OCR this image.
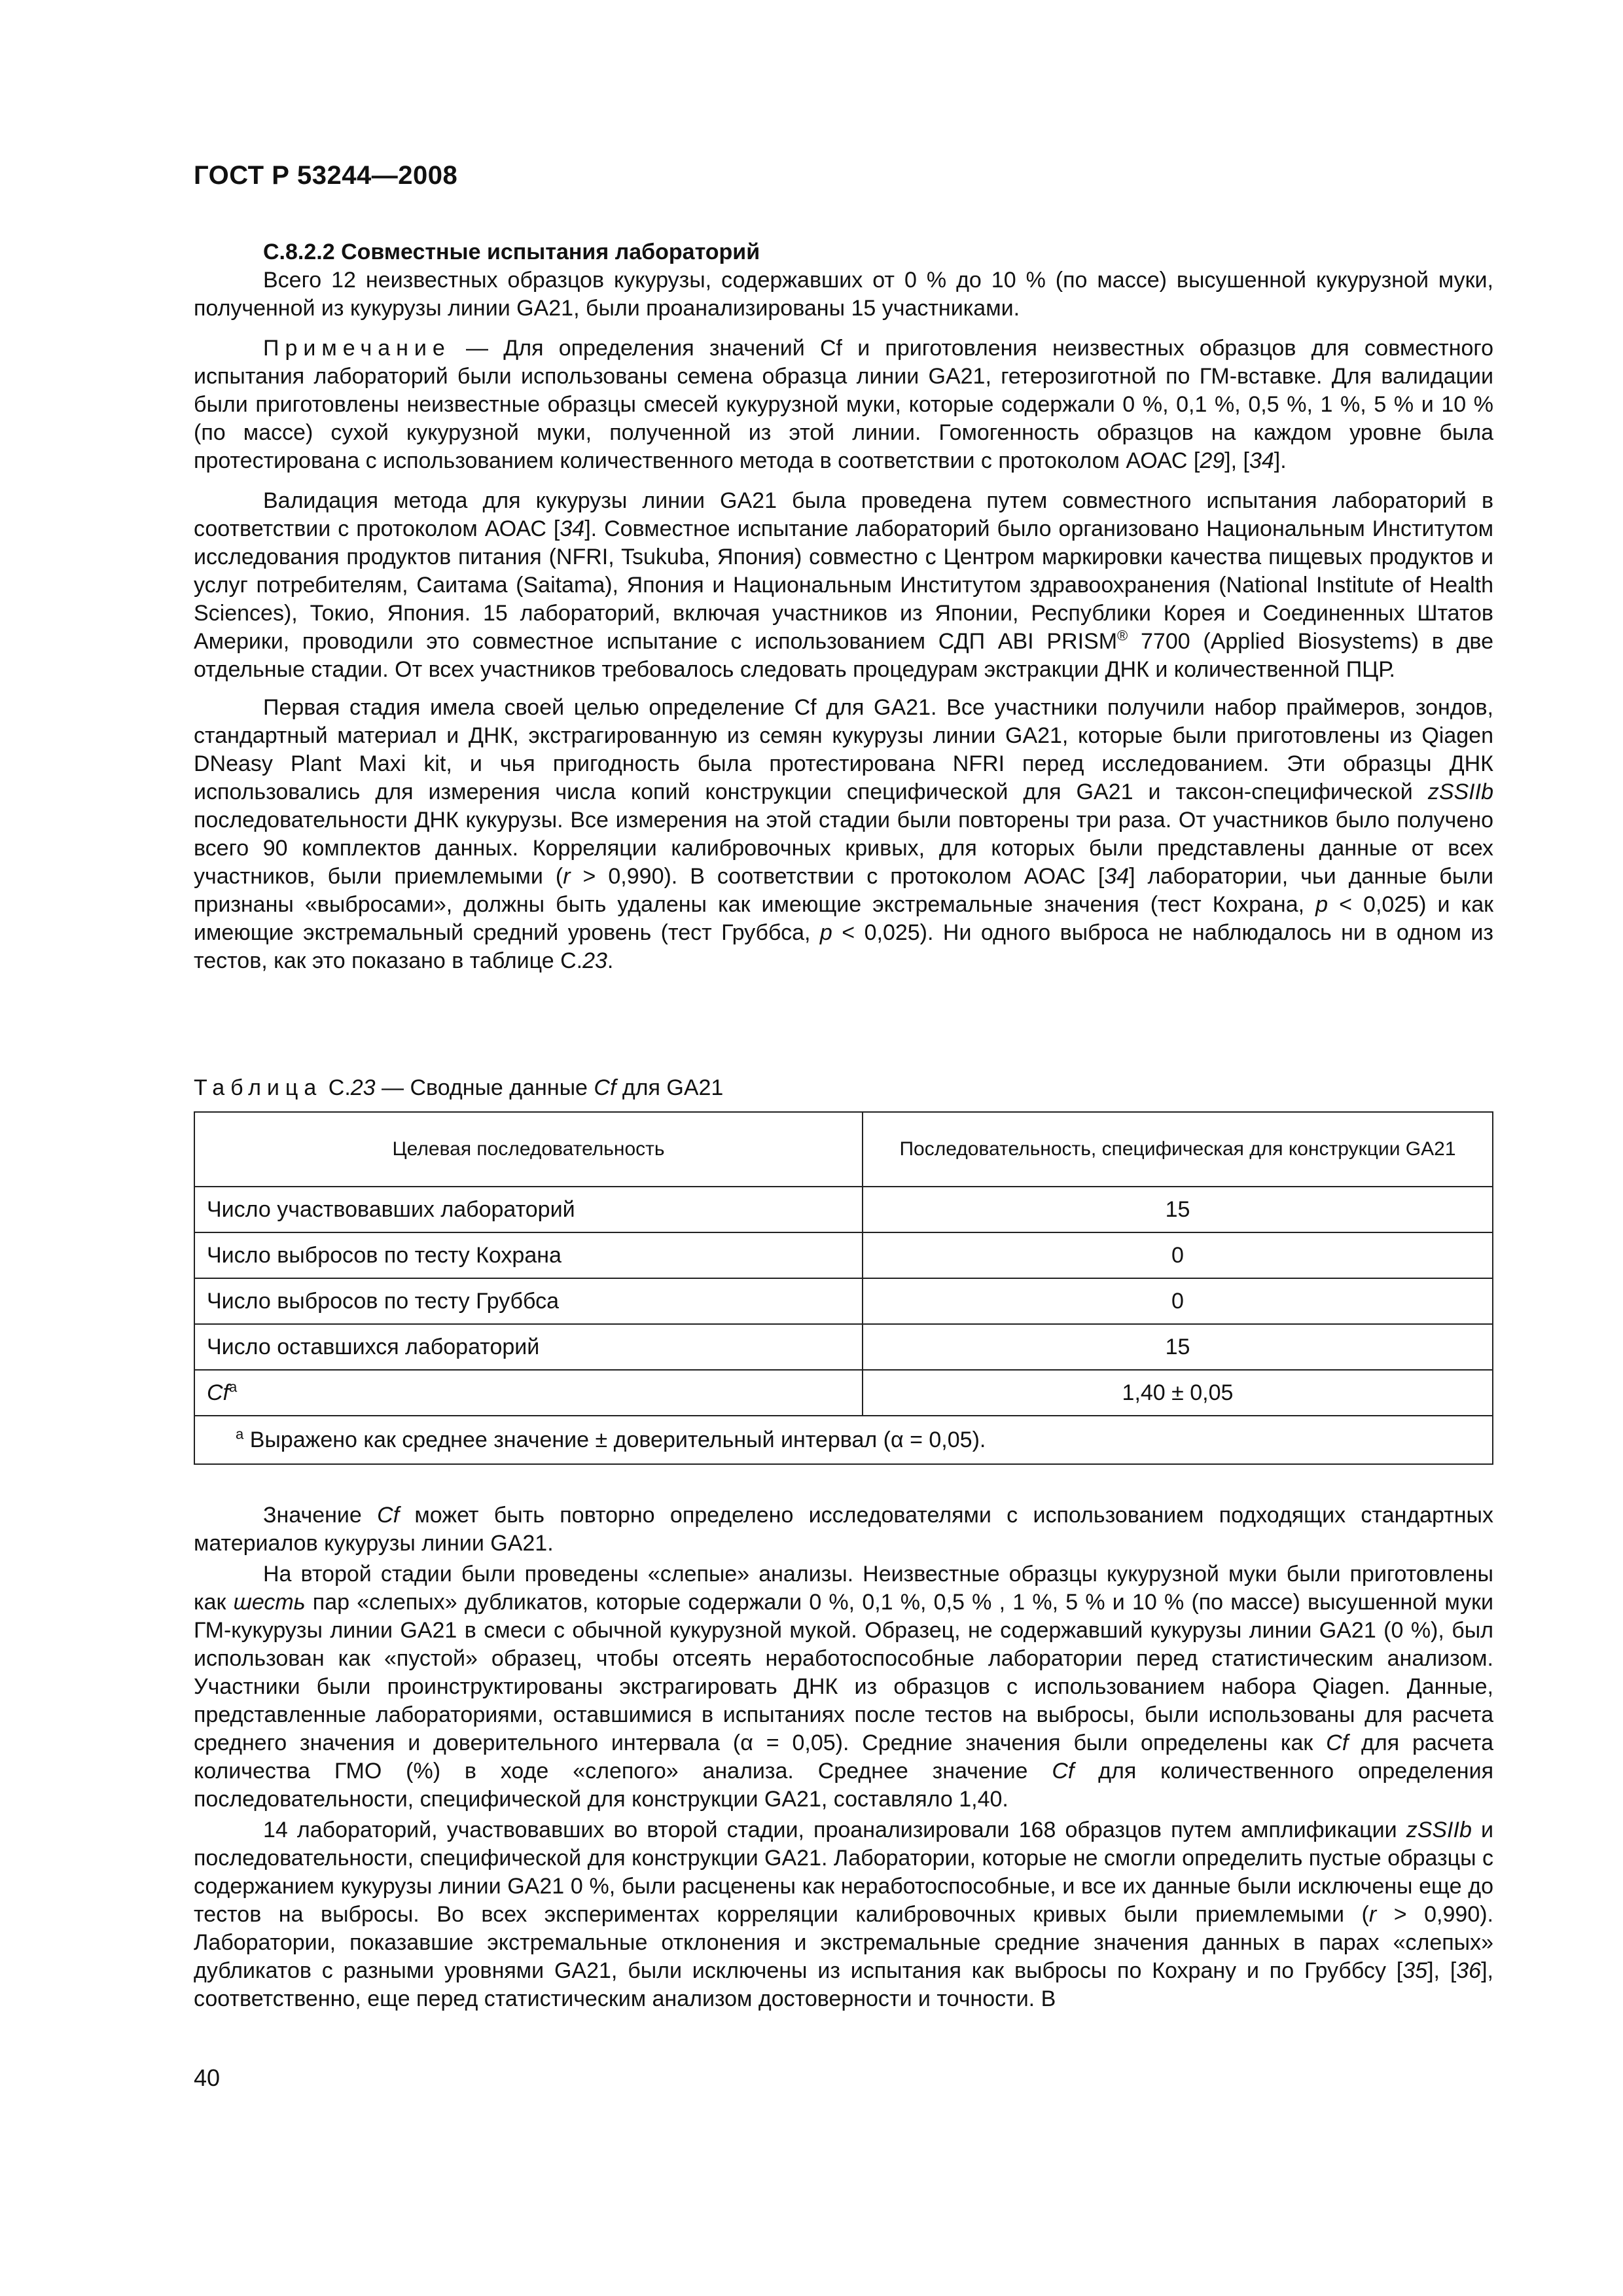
ГОСТ Р 53244—2008
С.8.2.2 Совместные испытания лабораторий

Всего 12 неизвестных образцов кукурузы, содержавших от 0 % до 10 % (по массе) высушенной кукурузной муки, полученной из кукурузы линии GA21, были проанализированы 15 участниками.

Примечание — Для определения значений Cf и приготовления неизвестных образцов для совместного испытания лабораторий были использованы семена образца линии GA21, гетерозиготной по ГМ-вставке. Для валидации были приготовлены неизвестные образцы смесей кукурузной муки, которые содержали 0 %, 0,1 %, 0,5 %, 1 %, 5 % и 10 % (по массе) сухой кукурузной муки, полученной из этой линии. Гомогенность образцов на каждом уровне была протестирована с использованием количественного метода в соответствии с протоколом АОАС [29], [34].

Валидация метода для кукурузы линии GA21 была проведена путем совместного испытания лабораторий в соответствии с протоколом АОАС [34]. Совместное испытание лабораторий было организовано Национальным Институтом исследования продуктов питания (NFRI, Tsukuba, Япония) совместно с Центром маркировки качества пищевых продуктов и услуг потребителям, Саитама (Saitama), Япония и Национальным Институтом здравоохранения (National Institute of Health Sciences), Токио, Япония. 15 лабораторий, включая участников из Японии, Республики Корея и Соединенных Штатов Америки, проводили это совместное испытание с использованием СДП ABI PRISM® 7700 (Applied Biosystems) в две отдельные стадии. От всех участников требовалось следовать процедурам экстракции ДНК и количественной ПЦР.

Первая стадия имела своей целью определение Cf для GA21. Все участники получили набор праймеров, зондов, стандартный материал и ДНК, экстрагированную из семян кукурузы линии GA21, которые были приготовлены из Qiagen DNeasy Plant Maxi kit, и чья пригодность была протестирована NFRI перед исследованием. Эти образцы ДНК использовались для измерения числа копий конструкции специфической для GA21 и таксон-специфической zSSIIb последовательности ДНК кукурузы. Все измерения на этой стадии были повторены три раза. От участников было получено всего 90 комплектов данных. Корреляции калибровочных кривых, для которых были представлены данные от всех участников, были приемлемыми (r > 0,990). В соответствии с протоколом АОАС [34] лаборатории, чьи данные были признаны «выбросами», должны быть удалены как имеющие экстремальные значения (тест Кохрана, p < 0,025) и как имеющие экстремальный средний уровень (тест Груббса, p < 0,025). Ни одного выброса не наблюдалось ни в одном из тестов, как это показано в таблице С.23.

Таблица С.23 — Сводные данные Cf для GA21
Целевая последовательность	Последовательность, специфическая для конструкции GA21
Число участвовавших лабораторий	15
Число выбросов по тесту Кохрана	0
Число выбросов по тесту Груббса	0
Число оставшихся лабораторий	15
Cf$^a$	1,40 ± 0,05
$^a$ Выражено как среднее значение ± доверительный интервал (α = 0,05).	

Значение Cf может быть повторно определено исследователями с использованием подходящих стандартных материалов кукурузы линии GA21.

На второй стадии были проведены «слепые» анализы. Неизвестные образцы кукурузной муки были приготовлены как шесть пар «слепых» дубликатов, которые содержали 0 %, 0,1 %, 0,5 % , 1 %, 5 % и 10 % (по массе) высушенной муки ГМ-кукурузы линии GA21 в смеси с обычной кукурузной мукой. Образец, не содержавший кукурузы линии GA21 (0 %), был использован как «пустой» образец, чтобы отсеять неработоспособные лаборатории перед статистическим анализом. Участники были проинструктированы экстрагировать ДНК из образцов с использованием набора Qiagen. Данные, представленные лабораториями, оставшимися в испытаниях после тестов на выбросы, были использованы для расчета среднего значения и доверительного интервала (α = 0,05). Средние значения были определены как Cf для расчета количества ГМО (%) в ходе «слепого» анализа. Среднее значение Cf для количественного определения последовательности, специфической для конструкции GA21, составляло 1,40.

14 лабораторий, участвовавших во второй стадии, проанализировали 168 образцов путем амплификации zSSIIb и последовательности, специфической для конструкции GA21. Лаборатории, которые не смогли определить пустые образцы с содержанием кукурузы линии GA21 0 %, были расценены как неработоспособные, и все их данные были исключены еще до тестов на выбросы. Во всех экспериментах корреляции калибровочных кривых были приемлемыми (r > 0,990). Лаборатории, показавшие экстремальные отклонения и экстремальные средние значения данных в парах «слепых» дубликатов с разными уровнями GA21, были исключены из испытания как выбросы по Кохрану и по Груббсу [35], [36], соответственно, еще перед статистическим анализом достоверности и точности. В

40
